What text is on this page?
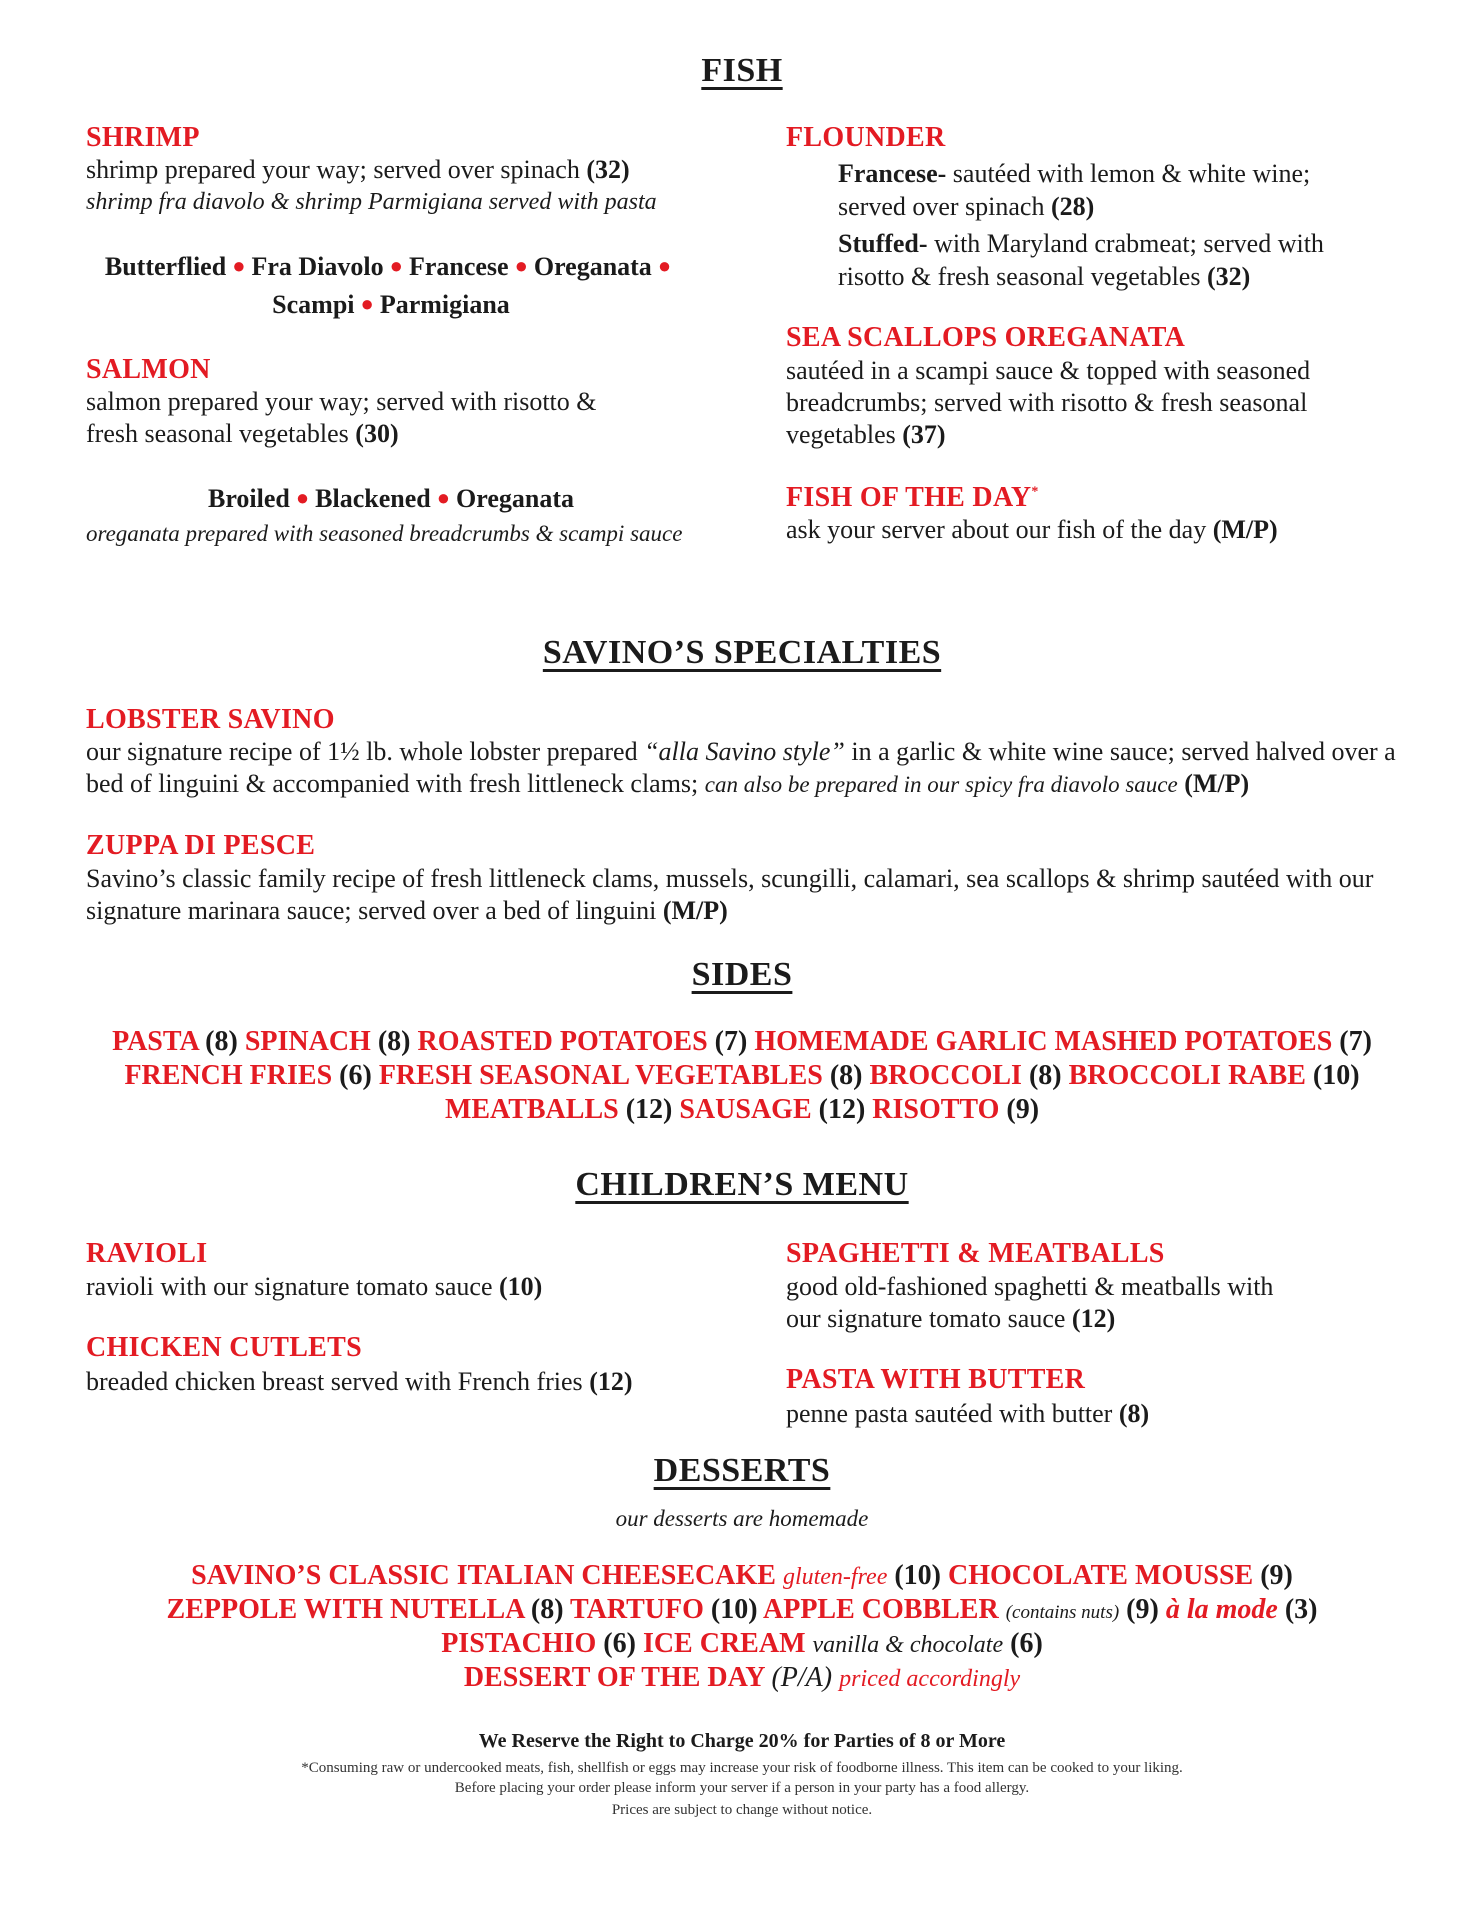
FISH
SHRIMP
shrimp prepared your way; served over spinach (32)
shrimp fra diavolo & shrimp Parmigiana served with pasta
Butterflied ● Fra Diavolo ● Francese ● Oreganata ●
Scampi ● Parmigiana
SALMON
salmon prepared your way; served with risotto &
fresh seasonal vegetables (30)
Broiled ● Blackened ● Oreganata
oreganata prepared with seasoned breadcrumbs & scampi sauce
FLOUNDER
Francese- sautéed with lemon & white wine;
served over spinach (28)
Stuffed- with Maryland crabmeat; served with
risotto & fresh seasonal vegetables (32)
SEA SCALLOPS OREGANATA
sautéed in a scampi sauce & topped with seasoned
breadcrumbs; served with risotto & fresh seasonal
vegetables (37)
FISH OF THE DAY*
ask your server about our fish of the day (M/P)
SAVINO’S SPECIALTIES
LOBSTER SAVINO
our signature recipe of 1½ lb. whole lobster prepared “alla Savino style” in a garlic & white wine sauce; served halved over a
bed of linguini & accompanied with fresh littleneck clams; can also be prepared in our spicy fra diavolo sauce (M/P)
ZUPPA DI PESCE
Savino’s classic family recipe of fresh littleneck clams, mussels, scungilli, calamari, sea scallops & shrimp sautéed with our
signature marinara sauce; served over a bed of linguini (M/P)
SIDES
PASTA (8) SPINACH (8) ROASTED POTATOES (7) HOMEMADE GARLIC MASHED POTATOES (7)
FRENCH FRIES (6) FRESH SEASONAL VEGETABLES (8) BROCCOLI (8) BROCCOLI RABE (10)
MEATBALLS (12) SAUSAGE (12) RISOTTO (9)
CHILDREN’S MENU
RAVIOLI
ravioli with our signature tomato sauce (10)
CHICKEN CUTLETS
breaded chicken breast served with French fries (12)
SPAGHETTI & MEATBALLS
good old-fashioned spaghetti & meatballs with
our signature tomato sauce (12)
PASTA WITH BUTTER
penne pasta sautéed with butter (8)
DESSERTS
our desserts are homemade
SAVINO’S CLASSIC ITALIAN CHEESECAKE gluten-free (10) CHOCOLATE MOUSSE (9)
ZEPPOLE WITH NUTELLA (8) TARTUFO (10) APPLE COBBLER (contains nuts) (9) à la mode (3)
PISTACHIO (6) ICE CREAM vanilla & chocolate (6)
DESSERT OF THE DAY (P/A) priced accordingly
We Reserve the Right to Charge 20% for Parties of 8 or More
*Consuming raw or undercooked meats, fish, shellfish or eggs may increase your risk of foodborne illness. This item can be cooked to your liking.
Before placing your order please inform your server if a person in your party has a food allergy.
Prices are subject to change without notice.
